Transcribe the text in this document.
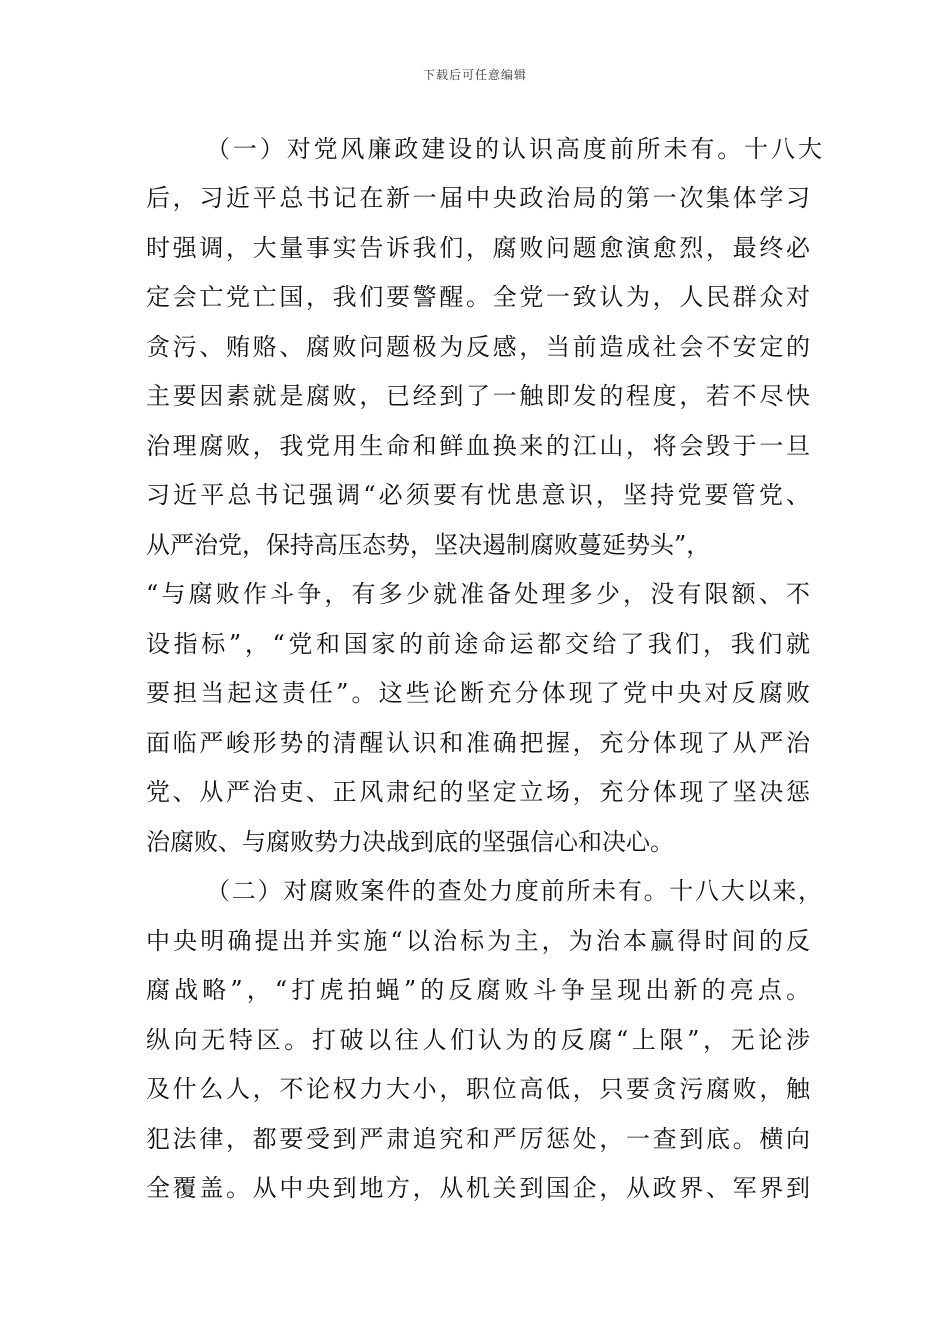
下载后可任意编辑
（一）对党风廉政建设的认识高度前所未有。十八大
后，习近平总书记在新一届中央政治局的第一次集体学习
时强调，大量事实告诉我们，腐败问题愈演愈烈，最终必
定会亡党亡国，我们要警醒。全党一致认为，人民群众对
贪污、贿赂、腐败问题极为反感，当前造成社会不安定的
主要因素就是腐败，已经到了一触即发的程度，若不尽快
治理腐败，我党用生命和鲜血换来的江山，将会毁于一旦
习近平总书记强调“必须要有忧患意识，坚持党要管党、
从严治党，保持高压态势，坚决遏制腐败蔓延势头”，
“与腐败作斗争，有多少就准备处理多少，没有限额、不
设指标”，“党和国家的前途命运都交给了我们，我们就
要担当起这责任”。这些论断充分体现了党中央对反腐败
面临严峻形势的清醒认识和准确把握，充分体现了从严治
党、从严治吏、正风肃纪的坚定立场，充分体现了坚决惩
治腐败、与腐败势力决战到底的坚强信心和决心。
（二）对腐败案件的查处力度前所未有。十八大以来，
中央明确提出并实施“以治标为主，为治本赢得时间的反
腐战略”，“打虎拍蝇”的反腐败斗争呈现出新的亮点。
纵向无特区。打破以往人们认为的反腐“上限”，无论涉
及什么人，不论权力大小，职位高低，只要贪污腐败，触
犯法律，都要受到严肃追究和严厉惩处，一查到底。横向
全覆盖。从中央到地方，从机关到国企，从政界、军界到
